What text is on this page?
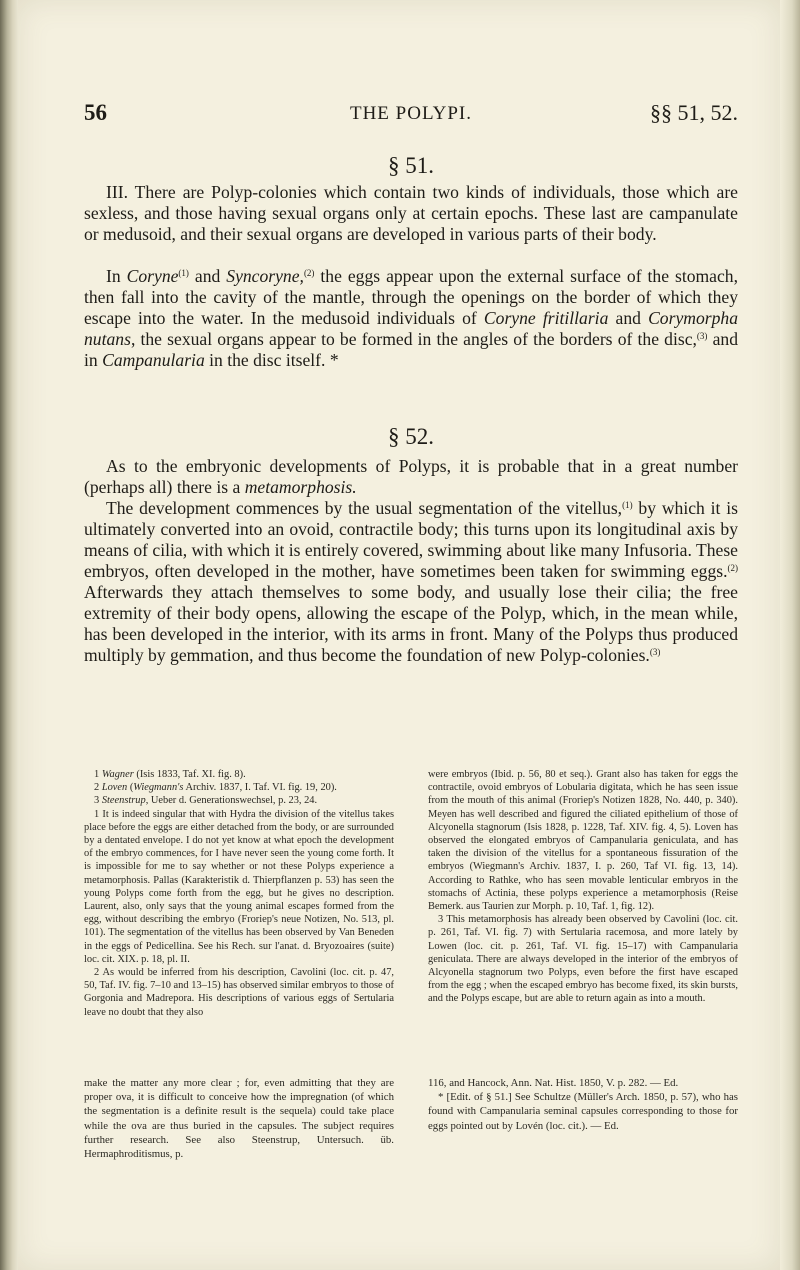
56	THE POLYPI.	§§ 51, 52.
§ 51.
III. There are Polyp-colonies which contain two kinds of individuals, those which are sexless, and those having sexual organs only at certain epochs. These last are campanulate or medusoid, and their sexual organs are developed in various parts of their body.
In Coryne$^{(1)}$ and Syncoryne,$^{(2)}$ the eggs appear upon the external surface of the stomach, then fall into the cavity of the mantle, through the openings on the border of which they escape into the water. In the medusoid individuals of Coryne fritillaria and Corymorpha nutans, the sexual organs appear to be formed in the angles of the borders of the disc,$^{(3)}$ and in Campanularia in the disc itself. *
§ 52.
As to the embryonic developments of Polyps, it is probable that in a great number (perhaps all) there is a metamorphosis.
The development commences by the usual segmentation of the vitellus,$^{(1)}$ by which it is ultimately converted into an ovoid, contractile body; this turns upon its longitudinal axis by means of cilia, with which it is entirely covered, swimming about like many Infusoria. These embryos, often developed in the mother, have sometimes been taken for swimming eggs.$^{(2)}$ Afterwards they attach themselves to some body, and usually lose their cilia; the free extremity of their body opens, allowing the escape of the Polyp, which, in the mean while, has been developed in the interior, with its arms in front. Many of the Polyps thus produced multiply by gemmation, and thus become the foundation of new Polyp-colonies.$^{(3)}$

1 Wagner (Isis 1833, Taf. XI. fig. 8).

2 Loven (Wiegmann's Archiv. 1837, I. Taf. VI. fig. 19, 20).

3 Steenstrup, Ueber d. Generationswechsel, p. 23, 24.

1 It is indeed singular that with Hydra the division of the vitellus takes place before the eggs are either detached from the body, or are surrounded by a dentated envelope. I do not yet know at what epoch the development of the embryo commences, for I have never seen the young come forth. It is impossible for me to say whether or not these Polyps experience a metamorphosis. Pallas (Karakteristik d. Thierpflanzen p. 53) has seen the young Polyps come forth from the egg, but he gives no description. Laurent, also, only says that the young animal escapes formed from the egg, without describing the embryo (Froriep's neue Notizen, No. 513, pl. 101). The segmentation of the vitellus has been observed by Van Beneden in the eggs of Pedicellina. See his Rech. sur l'anat. d. Bryozoaires (suite) loc. cit. XIX. p. 18, pl. II.

2 As would be inferred from his description, Cavolini (loc. cit. p. 47, 50, Taf. IV. fig. 7–10 and 13–15) has observed similar embryos to those of Gorgonia and Madrepora. His descriptions of various eggs of Sertularia leave no doubt that they also

were embryos (Ibid. p. 56, 80 et seq.). Grant also has taken for eggs the contractile, ovoid embryos of Lobularia digitata, which he has seen issue from the mouth of this animal (Froriep's Notizen 1828, No. 440, p. 340). Meyen has well described and figured the ciliated epithelium of those of Alcyonella stagnorum (Isis 1828, p. 1228, Taf. XIV. fig. 4, 5). Loven has observed the elongated embryos of Campanularia geniculata, and has taken the division of the vitellus for a spontaneous fissuration of the embryos (Wiegmann's Archiv. 1837, I. p. 260, Taf VI. fig. 13, 14). According to Rathke, who has seen movable lenticular embryos in the stomachs of Actinia, these polyps experience a metamorphosis (Reise Bemerk. aus Taurien zur Morph. p. 10, Taf. 1, fig. 12).

3 This metamorphosis has already been observed by Cavolini (loc. cit. p. 261, Taf. VI. fig. 7) with Sertularia racemosa, and more lately by Lowen (loc. cit. p. 261, Taf. VI. fig. 15–17) with Campanularia geniculata. There are always developed in the interior of the embryos of Alcyonella stagnorum two Polyps, even before the first have escaped from the egg ; when the escaped embryo has become fixed, its skin bursts, and the Polyps escape, but are able to return again as into a mouth.

make the matter any more clear ; for, even admitting that they are proper ova, it is difficult to conceive how the impregnation (of which the segmentation is a definite result is the sequela) could take place while the ova are thus buried in the capsules. The subject requires further research. See also Steenstrup, Untersuch. üb. Hermaphroditismus, p.

116, and Hancock, Ann. Nat. Hist. 1850, V. p. 282. — Ed.

* [Edit. of § 51.] See Schultze (Müller's Arch. 1850, p. 57), who has found with Campanularia seminal capsules corresponding to those for eggs pointed out by Lovén (loc. cit.). — Ed.
